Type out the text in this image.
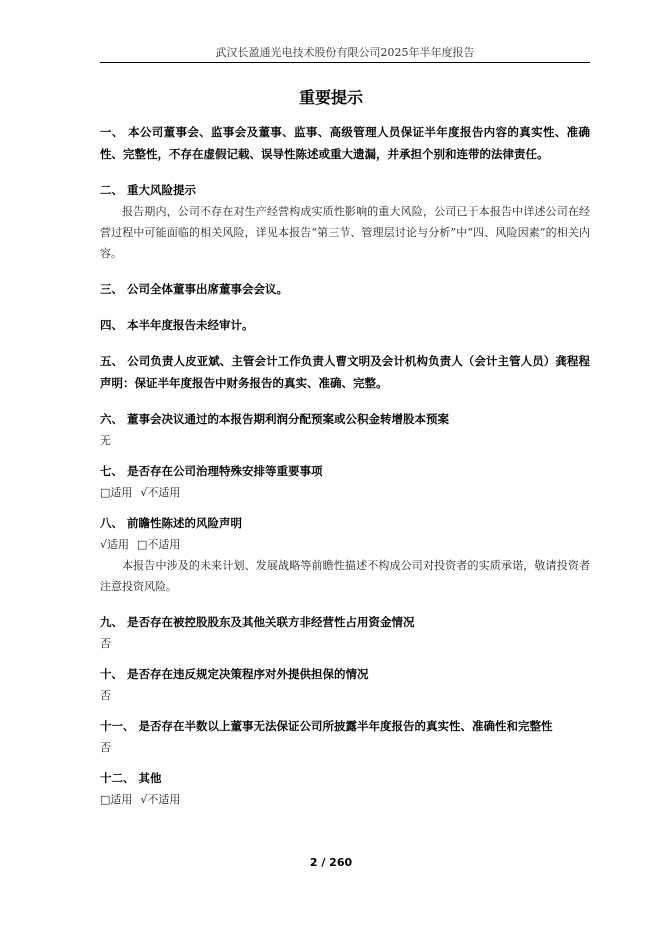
武汉长盈通光电技术股份有限公司2025年半年度报告
重要提示
一、 本公司董事会、监事会及董事、监事、高级管理人员保证半年度报告内容的真实性、准确性、完整性，不存在虚假记载、误导性陈述或重大遗漏，并承担个别和连带的法律责任。
二、 重大风险提示
报告期内，公司不存在对生产经营构成实质性影响的重大风险，公司已于本报告中详述公司在经营过程中可能面临的相关风险，详见本报告“第三节、管理层讨论与分析”中“四、风险因素”的相关内容。
三、 公司全体董事出席董事会会议。
四、 本半年度报告未经审计。
五、 公司负责人皮亚斌、主管会计工作负责人曹文明及会计机构负责人（会计主管人员）龚程程声明：保证半年度报告中财务报告的真实、准确、完整。
六、 董事会决议通过的本报告期利润分配预案或公积金转增股本预案
无
七、 是否存在公司治理特殊安排等重要事项
□适用 √不适用
八、 前瞻性陈述的风险声明
√适用 □不适用
本报告中涉及的未来计划、发展战略等前瞻性描述不构成公司对投资者的实质承诺，敬请投资者注意投资风险。
九、 是否存在被控股股东及其他关联方非经营性占用资金情况
否
十、 是否存在违反规定决策程序对外提供担保的情况
否
十一、 是否存在半数以上董事无法保证公司所披露半年度报告的真实性、准确性和完整性
否
十二、 其他
□适用 √不适用
2 / 260
